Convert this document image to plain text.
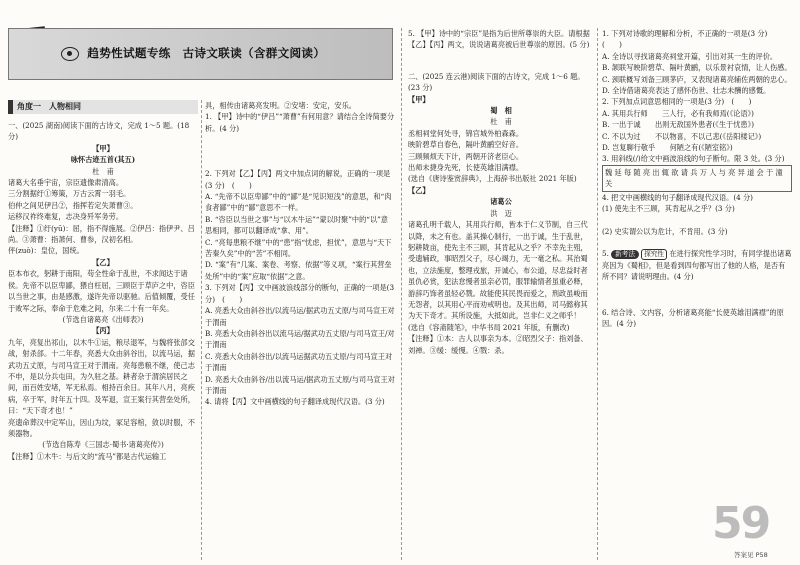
趋势性试题专练　古诗文联读（含群文阅读）
角度一　人物相同

一、(2025 湖南)阅读下面的古诗文，完成 1～5 题。(18 分)

【甲】

咏怀古迹五首(其五)

杜　甫

诸葛大名垂宇宙，宗臣遗像肃清高。

三分割据纡①筹策，万古云霄一羽毛。

伯仲之间见伊吕②，指挥若定失萧曹③。

运移汉祚终难复，志决身歼军务劳。

【注释】①纡(yū)：屈，指不得施展。②伊吕：指伊尹、吕尚。③萧曹：指萧何、曹参，汉初名相。

伻(zuò)：皇位，国统。

【乙】

臣本布衣，躬耕于南阳，苟全性命于乱世，不求闻达于诸侯。先帝不以臣卑鄙，猥自枉屈，三顾臣于草庐之中，咨臣以当世之事，由是感激，遂许先帝以驱驰。后值倾覆，受任于败军之际，奉命于危难之间，尔来二十有一年矣。

(节选自诸葛亮《出师表》)

【丙】

九年，亮复出祁山，以木牛①运，粮尽退军，与魏将张郃交战，射杀郃。十二年春，亮悉大众由斜谷出，以流马运，据武功五丈原，与司马宣王对于渭南。亮每患粮不继，使己志不申，是以分兵屯田，为久驻之基。耕者杂于渭滨居民之间，而百姓安堵，军无私焉。相持百余日。其年八月，亮疾病，卒于军，时年五十四。及军退，宣王案行其营垒处所，曰：“天下奇才也！”

亮遗命葬汉中定军山，因山为坟，冢足容棺，敛以时服，不须器物。

(节选自陈寿《三国志·蜀书·诸葛亮传》)

【注释】①木牛：与后文的“流马”都是古代运输工

具，相传由诸葛亮发明。②安堵：安定，安乐。

1. 【甲】诗中的“伊吕”“萧曹”有何用意？请结合全诗简要分析。(4 分)

2. 下列对【乙】【丙】两文中加点词的解说，正确的一项是(3 分)　(　　)

A. “先帝不以臣卑鄙”中的“鄙”是“见识短浅”的意思，和“肉食者鄙”中的“鄙”意思不一样。

B. “咨臣以当世之事”与“以木牛运”“蒙以时聚”中的“以”意思相同，都可以翻译成“拿、用”。

C. “亮每患粮不继”中的“患”指“忧虑，担忧”，意思与“天下苦秦久矣”中的“苦”不相同。

D. “案”有“几案、案卷、考察、依据”等义项，“案行其营垒处所”中的“案”应取“依据”之意。

3. 下列对【丙】文中画波浪线部分的断句，正确的一项是(3 分)　(　　)

A. 亮悉大众由斜谷出/以流马运/据武功五丈原/与司马宣王对于渭南

B. 亮悉大众由斜谷出以流马运/据武功五丈原/与司马宣王/对于渭南

C. 亮悉大众由斜谷出/以流马运据武功五丈原/与司马宣王对于渭南

D. 亮悉大众由斜谷/出以流马运/据武功五丈原/与司马宣王对于渭南

4. 请将【丙】文中画横线的句子翻译成现代汉语。(3 分)

5. 【甲】诗中的“宗臣”是指为后世所尊崇的大臣。请根据【乙】【丙】两文，说说诸葛亮被后世尊崇的原因。(5 分)

二、(2025 连云港)阅读下面的古诗文，完成 1～6 题。(23 分)

【甲】

蜀　相

杜　甫

丞相祠堂何处寻，锦官城外柏森森。

映阶碧草自春色，隔叶黄鹂空好音。

三顾频烦天下计，两朝开济老臣心。

出师未捷身先死，长使英雄泪满襟。

(选自《唐诗鉴赏辞典》，上海辞书出版社 2021 年版)

【乙】

诸葛公

洪　迈

诸葛孔明千载人，其用兵行师，皆本于仁义节制，自三代以降，未之有也。盖其操心制行，一出于诚，生于乱世，躬耕陇亩，使先主不三顾，其肯起从之乎？不幸先主殂，受遗辅政，事昭烈父子，尽心竭力，无一毫之私。其治蜀也，立法施度，整理戎旅，开诚心，布公道，尽忠益时者虽仇必赏，犯法怠慢者虽亲必罚，服罪输情者虽重必释，游辞巧饰者虽轻必戮。故能使其民畏而爱之，刑政虽峻而无怨者，以其用心平而劝戒明也。及其出师，司马懿称其为天下奇才。其所设施，大抵如此，岂非仁义之师乎！

(选自《容斋随笔》，中华书局 2021 年版，有删改)

【注释】①本：古人以事亲为本。②昭烈父子：指刘备、刘禅。③缓：缓慢。④戮：杀。

1. 下列对诗歌的理解和分析，不正确的一项是(3 分)　(　　)

A. 全诗以寻找诸葛亮祠堂开篇，引出对其一生的评价。

B. 颔联写映阶碧草、隔叶黄鹂，以乐景衬哀情，让人伤感。

C. 颈联概写刘备三顾茅庐，又表现诸葛亮辅佐两朝的忠心。

D. 全诗借诸葛亮表达了感怀伤世、壮志未酬的感慨。

2. 下列加点词意思相同的一项是(3 分)　(　　)

A. 其用兵行师　　三人行，必有我师焉(《论语》)

B. 一出于诚　　出则无敌国外患者(《生于忧患》)

C. 不以为过　　不以物喜，不以己悲(《岳阳楼记》)

D. 岂复聊行敬乎　　何陋之有(《陋室铭》)

3. 用斜线(/)给文中画波浪线的句子断句。限 3 处。(3 分)

魏 延 每 随 亮 出 辄 欲 请 兵 万 人 与 亮 异 道 会 于 潼 关

4. 把文中画横线的句子翻译成现代汉语。(4 分)

(1) 使先主不三顾，其肯起从之乎？(3 分)

(2) 史实谓公以为危计，不肯用。(3 分)

5. 新考法 探究性 在进行探究性学习时，有同学提出诸葛亮因为《蜀相》，但是看到四句都写出了他的人格，是否有所不同？请说明理由。(4 分)

6. 结合诗、文内容，分析诸葛亮能“长使英雄泪满襟”的原因。(4 分)

59
答案见 P58
